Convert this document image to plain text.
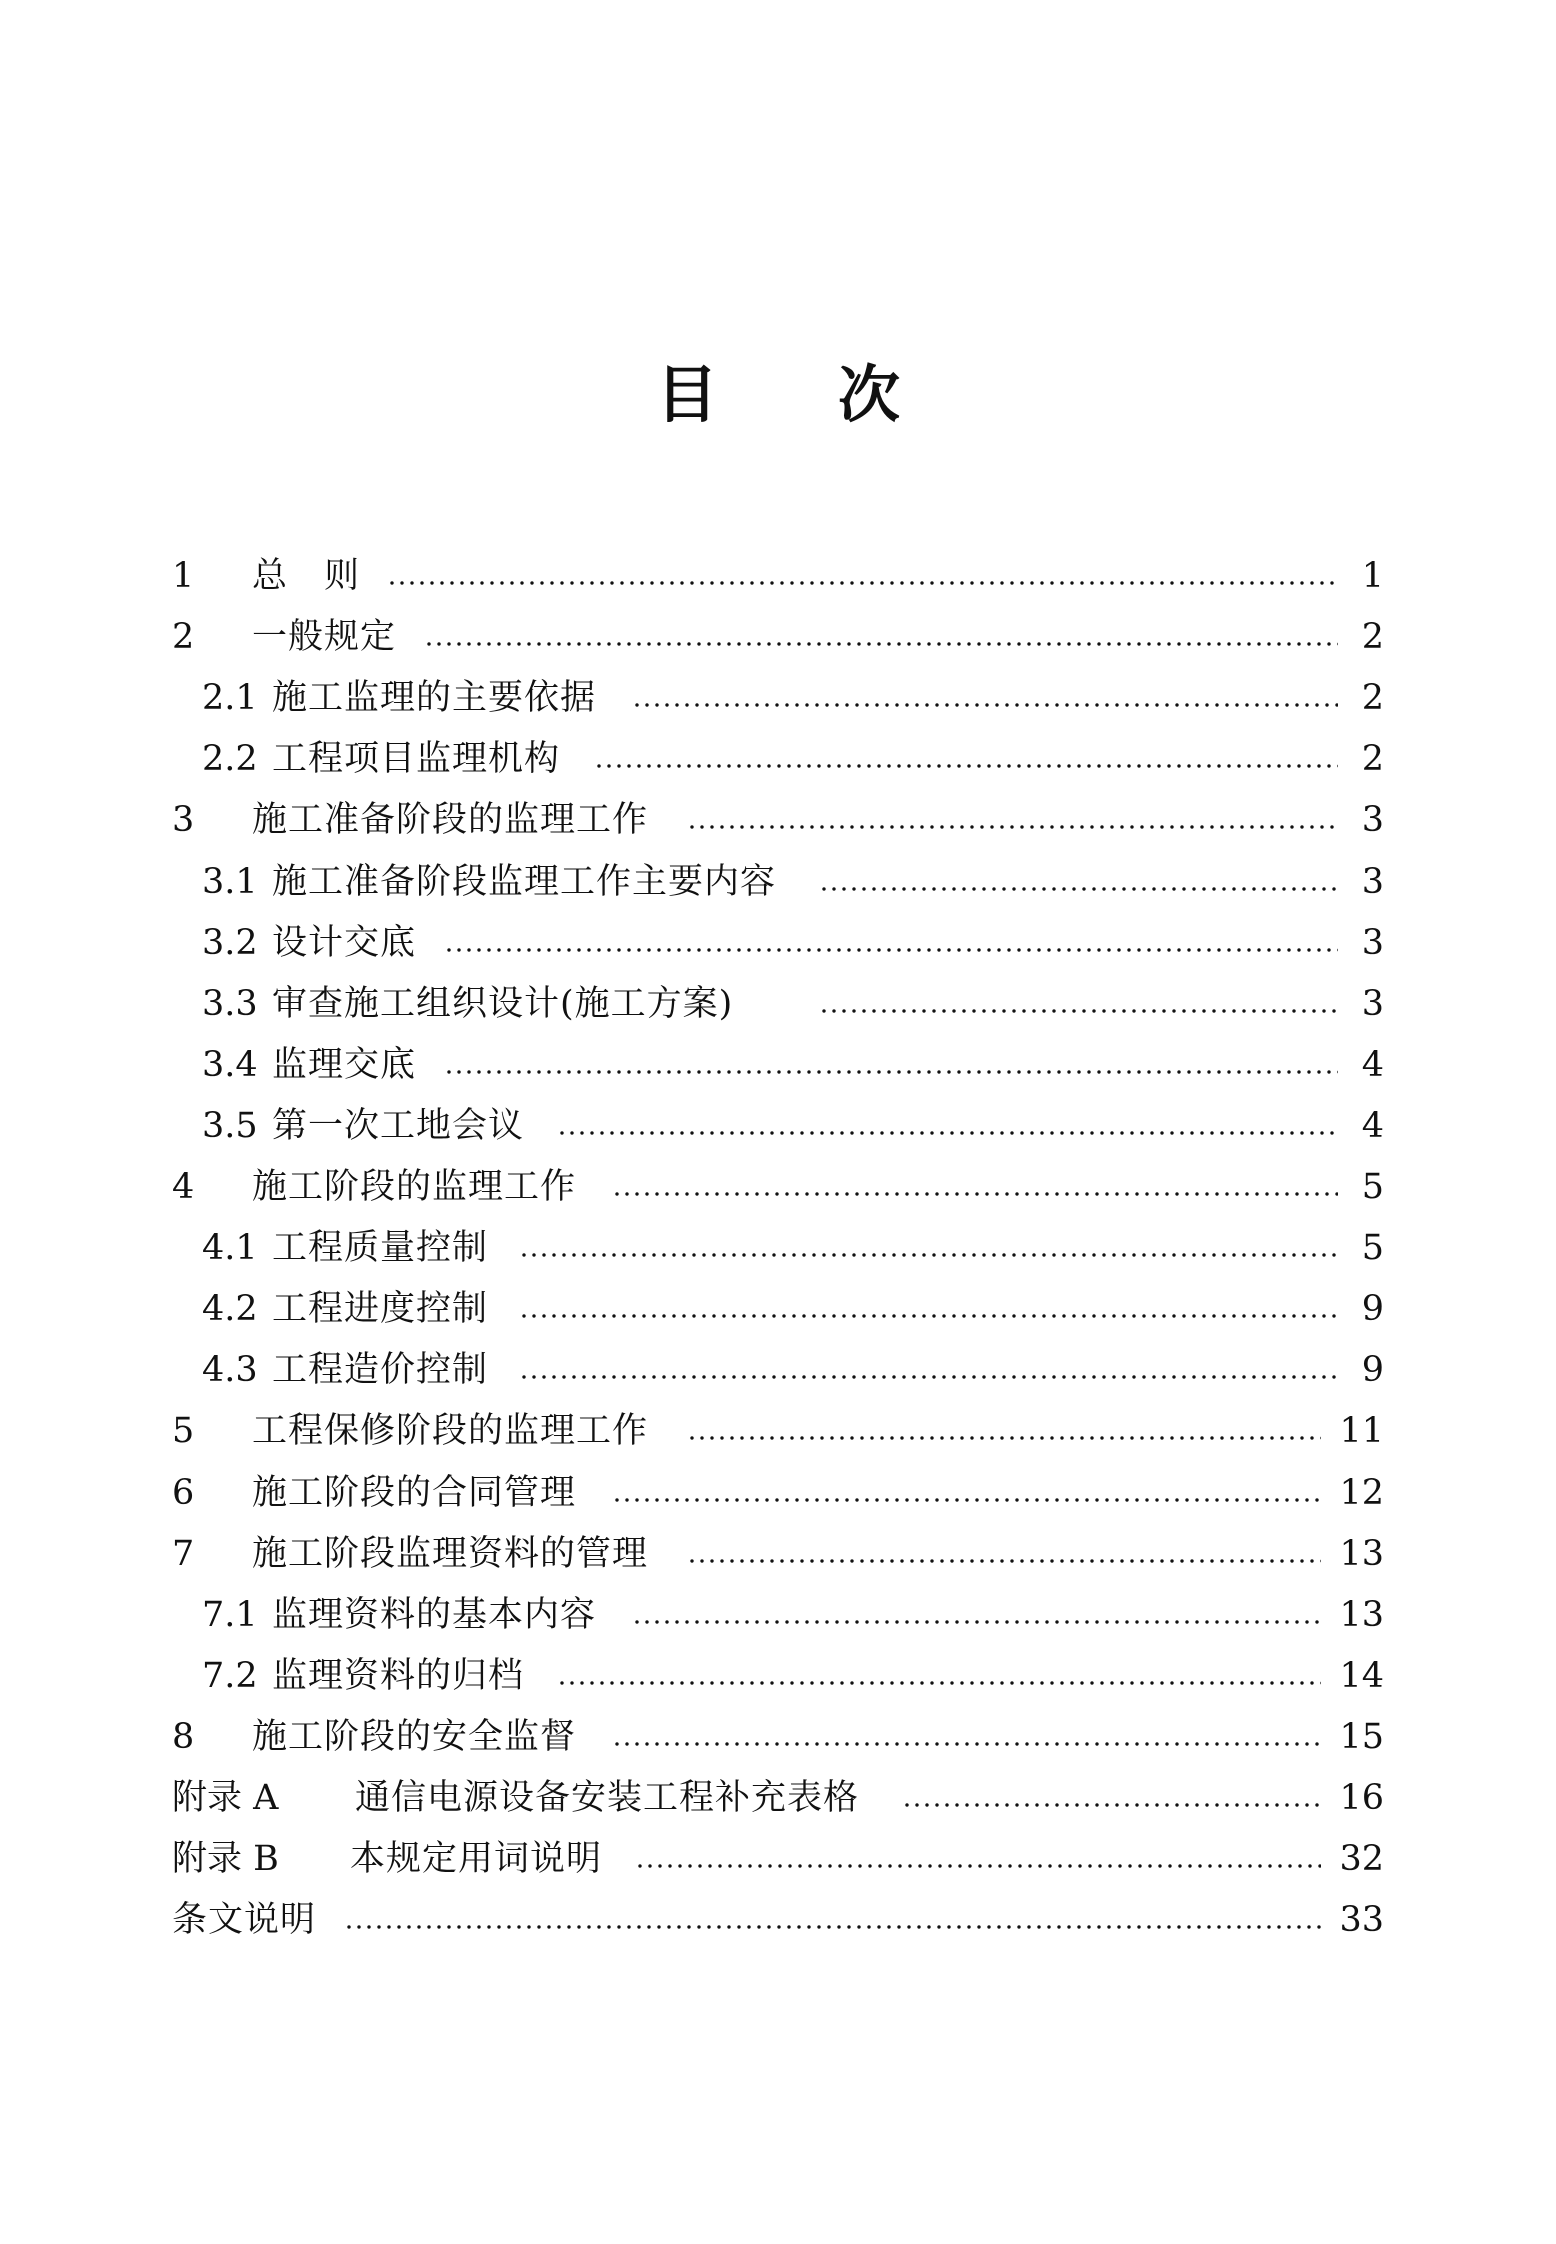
目 次
1 总　则	1
2 一般规定	2
2.1 施工监理的主要依据	2
2.2 工程项目监理机构	2
3 施工准备阶段的监理工作	3
3.1 施工准备阶段监理工作主要内容	3
3.2 设计交底	3
3.3 审查施工组织设计(施工方案)	3
3.4 监理交底	4
3.5 第一次工地会议	4
4 施工阶段的监理工作	5
4.1 工程质量控制	5
4.2 工程进度控制	9
4.3 工程造价控制	9
5 工程保修阶段的监理工作	11
6 施工阶段的合同管理	12
7 施工阶段监理资料的管理	13
7.1 监理资料的基本内容	13
7.2 监理资料的归档	14
8 施工阶段的安全监督	15
附录 A 通信电源设备安装工程补充表格	16
附录 B 本规定用词说明	32
条文说明	33
